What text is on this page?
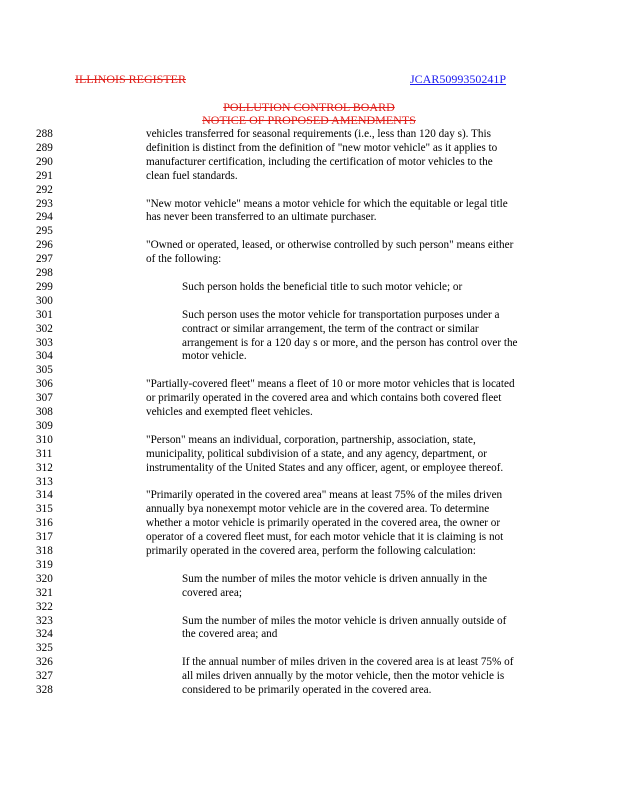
ILLINOIS REGISTER	JCAR5099350241P
POLLUTION CONTROL BOARD
NOTICE OF PROPOSED AMENDMENTS
288	vehicles transferred for seasonal requirements (i.e., less than 120 day s). This
289	definition is distinct from the definition of "new motor vehicle" as it applies to
290	manufacturer certification, including the certification of motor vehicles to the
291	clean fuel standards.
292
293	"New motor vehicle" means a motor vehicle for which the equitable or legal title
294	has never been transferred to an ultimate purchaser.
295
296	"Owned or operated, leased, or otherwise controlled by such person" means either
297	of the following:
298
299	Such person holds the beneficial title to such motor vehicle; or
300
301	Such person uses the motor vehicle for transportation purposes under a
302	contract or similar arrangement, the term of the contract or similar
303	arrangement is for a 120 day s or more, and the person has control over the
304	motor vehicle.
305
306	"Partially-covered fleet" means a fleet of 10 or more motor vehicles that is located
307	or primarily operated in the covered area and which contains both covered fleet
308	vehicles and exempted fleet vehicles.
309
310	"Person" means an individual, corporation, partnership, association, state,
311	municipality, political subdivision of a state, and any agency, department, or
312	instrumentality of the United States and any officer, agent, or employee thereof.
313
314	"Primarily operated in the covered area" means at least 75% of the miles driven
315	annually bya nonexempt motor vehicle are in the covered area. To determine
316	whether a motor vehicle is primarily operated in the covered area, the owner or
317	operator of a covered fleet must, for each motor vehicle that it is claiming is not
318	primarily operated in the covered area, perform the following calculation:
319
320	Sum the number of miles the motor vehicle is driven annually in the
321	covered area;
322
323	Sum the number of miles the motor vehicle is driven annually outside of
324	the covered area; and
325
326	If the annual number of miles driven in the covered area is at least 75% of
327	all miles driven annually by the motor vehicle, then the motor vehicle is
328	considered to be primarily operated in the covered area.
